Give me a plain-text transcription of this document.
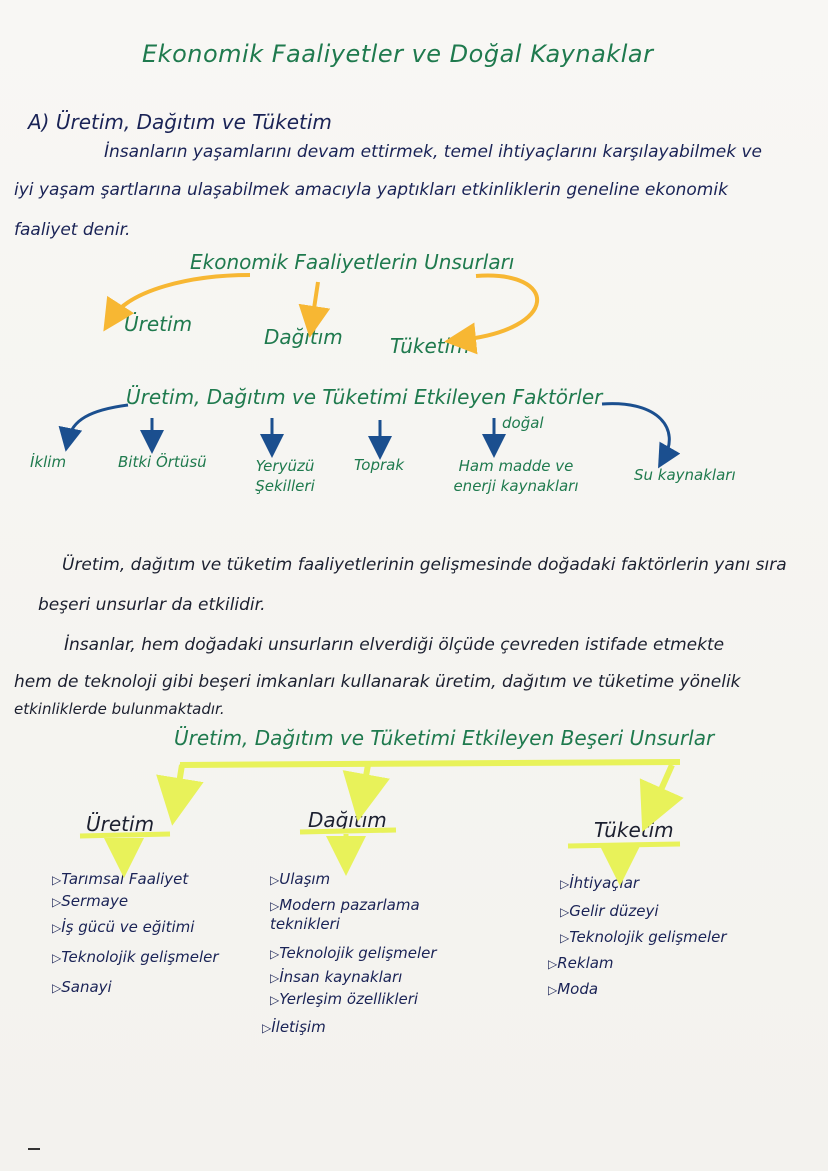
Ekonomik Faaliyetler ve Doğal Kaynaklar
A) Üretim, Dağıtım ve Tüketim
İnsanların yaşamlarını devam ettirmek, temel ihtiyaçlarını karşılayabilmek ve
iyi yaşam şartlarına ulaşabilmek amacıyla yaptıkları etkinliklerin geneline ekonomik
faaliyet denir.
Ekonomik Faaliyetlerin Unsurları
Üretim
Dağıtım Tüketim
Üretim, Dağıtım ve Tüketimi Etkileyen Faktörler
doğal
İklim	Bitki Örtüsü	Yeryüzü Şekilleri
Toprak	Ham madde ve enerji kaynakları
Su kaynakları
Üretim, dağıtım ve tüketim faaliyetlerinin gelişmesinde doğadaki faktörlerin yanı sıra
beşeri unsurlar da etkilidir.
İnsanlar, hem doğadaki unsurların elverdiği ölçüde çevreden istifade etmekte
hem de teknoloji gibi beşeri imkanları kullanarak üretim, dağıtım ve tüketime yönelik
etkinliklerde bulunmaktadır.
Üretim, Dağıtım ve Tüketimi Etkileyen Beşeri Unsurlar
Üretim	Dağıtım	Tüketim
▷ Tarımsal Faaliyet
▷ Sermaye
▷ İş gücü ve eğitimi
▷ Teknolojik gelişmeler
▷ Sanayi
▷ Ulaşım
▷ Modern pazarlama teknikleri
▷ Teknolojik gelişmeler
▷ İnsan kaynakları
▷ Yerleşim özellikleri
▷ İletişim
▷ İhtiyaçlar
▷ Gelir düzeyi
▷ Teknolojik gelişmeler
▷ Reklam
▷ Moda
